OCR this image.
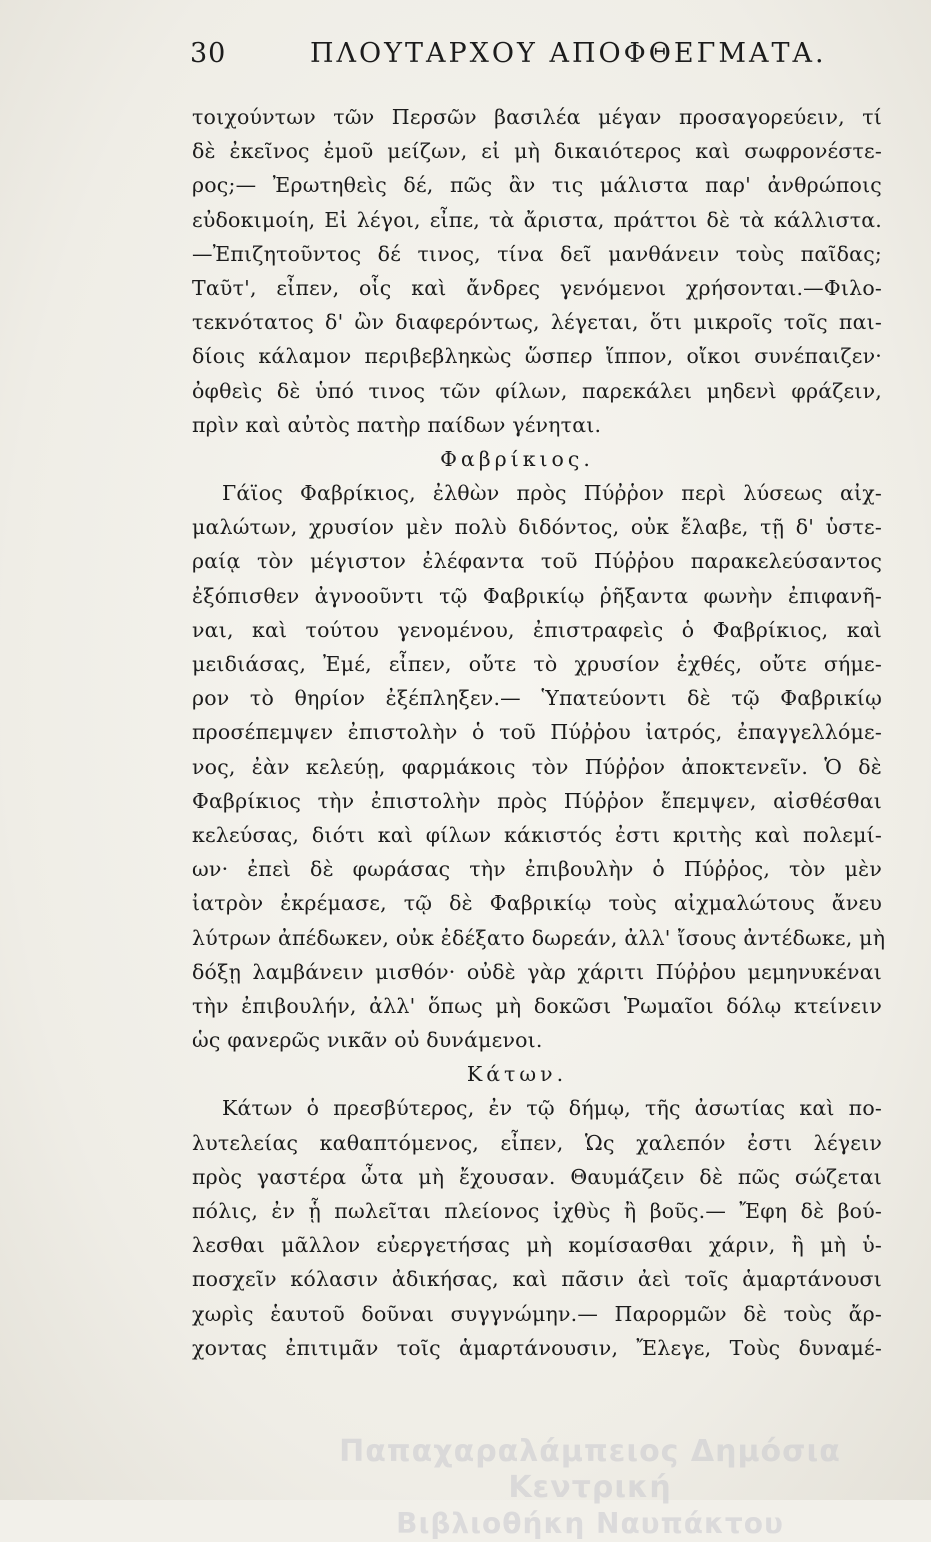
30	ΠΛΟΥΤΑΡΧΟΥ ΑΠΟΦΘΕΓΜΑΤΑ.
τοιχούντων τῶν Περσῶν βασιλέα μέγαν προσαγορεύειν, τί
δὲ ἐκεῖνος ἐμοῦ μείζων, εἰ μὴ δικαιότερος καὶ σωφρονέστε-
ρος;— Ἐρωτηθεὶς δέ, πῶς ἂν τις μάλιστα παρ' ἀνθρώποις
εὐδοκιμοίη, Εἰ λέγοι, εἶπε, τὰ ἄριστα, πράττοι δὲ τὰ κάλλιστα.
—Ἐπιζητοῦντος δέ τινος, τίνα δεῖ μανθάνειν τοὺς παῖδας;
Ταῦτ', εἶπεν, οἷς καὶ ἄνδρες γενόμενοι χρήσονται.—Φιλο-
τεκνότατος δ' ὢν διαφερόντως, λέγεται, ὅτι μικροῖς τοῖς παι-
δίοις κάλαμον περιβεβληκὼς ὥσπερ ἵππον, οἴκοι συνέπαιζεν·
ὀφθεὶς δὲ ὑπό τινος τῶν φίλων, παρεκάλει μηδενὶ φράζειν,
πρὶν καὶ αὐτὸς πατὴρ παίδων γένηται.
Φαβρίκιος.
Γάϊος Φαβρίκιος, ἐλθὼν πρὸς Πύῤῥον περὶ λύσεως αἰχ-
μαλώτων, χρυσίον μὲν πολὺ διδόντος, οὐκ ἔλαβε, τῇ δ' ὑστε-
ραίᾳ τὸν μέγιστον ἐλέφαντα τοῦ Πύῤῥου παρακελεύσαντος
ἐξόπισθεν ἀγνοοῦντι τῷ Φαβρικίῳ ῥῆξαντα φωνὴν ἐπιφανῆ-
ναι, καὶ τούτου γενομένου, ἐπιστραφεὶς ὁ Φαβρίκιος, καὶ
μειδιάσας, Ἐμέ, εἶπεν, οὔτε τὸ χρυσίον ἐχθές, οὔτε σήμε-
ρον τὸ θηρίον ἐξέπληξεν.— Ὑπατεύοντι δὲ τῷ Φαβρικίῳ
προσέπεμψεν ἐπιστολὴν ὁ τοῦ Πύῤῥου ἰατρός, ἐπαγγελλόμε-
νος, ἐὰν κελεύῃ, φαρμάκοις τὸν Πύῤῥον ἀποκτενεῖν. Ὁ δὲ
Φαβρίκιος τὴν ἐπιστολὴν πρὸς Πύῤῥον ἔπεμψεν, αἰσθέσθαι
κελεύσας, διότι καὶ φίλων κάκιστός ἐστι κριτὴς καὶ πολεμί-
ων· ἐπεὶ δὲ φωράσας τὴν ἐπιβουλὴν ὁ Πύῤῥος, τὸν μὲν
ἰατρὸν ἐκρέμασε, τῷ δὲ Φαβρικίῳ τοὺς αἰχμαλώτους ἄνευ
λύτρων ἀπέδωκεν, οὐκ ἐδέξατο δωρεάν, ἀλλ' ἴσους ἀντέδωκε, μὴ
δόξῃ λαμβάνειν μισθόν· οὐδὲ γὰρ χάριτι Πύῤῥου μεμηνυκέναι
τὴν ἐπιβουλήν, ἀλλ' ὅπως μὴ δοκῶσι Ῥωμαῖοι δόλῳ κτείνειν
ὡς φανερῶς νικᾶν οὐ δυνάμενοι.
Κάτων.
Κάτων ὁ πρεσβύτερος, ἐν τῷ δήμῳ, τῆς ἀσωτίας καὶ πο-
λυτελείας καθαπτόμενος, εἶπεν, Ὡς χαλεπόν ἐστι λέγειν
πρὸς γαστέρα ὦτα μὴ ἔχουσαν. Θαυμάζειν δὲ πῶς σώζεται
πόλις, ἐν ᾗ πωλεῖται πλείονος ἰχθὺς ἢ βοῦς.— Ἔφη δὲ βού-
λεσθαι μᾶλλον εὐεργετήσας μὴ κομίσασθαι χάριν, ἢ μὴ ὑ-
ποσχεῖν κόλασιν ἀδικήσας, καὶ πᾶσιν ἀεὶ τοῖς ἁμαρτάνουσι
χωρὶς ἑαυτοῦ δοῦναι συγγνώμην.— Παρορμῶν δὲ τοὺς ἄρ-
χοντας ἐπιτιμᾶν τοῖς ἁμαρτάνουσιν, Ἔλεγε, Τοὺς δυναμέ-
Παπαχαραλάμπειος Δημόσια Κεντρική
Βιβλιοθήκη Ναυπάκτου
